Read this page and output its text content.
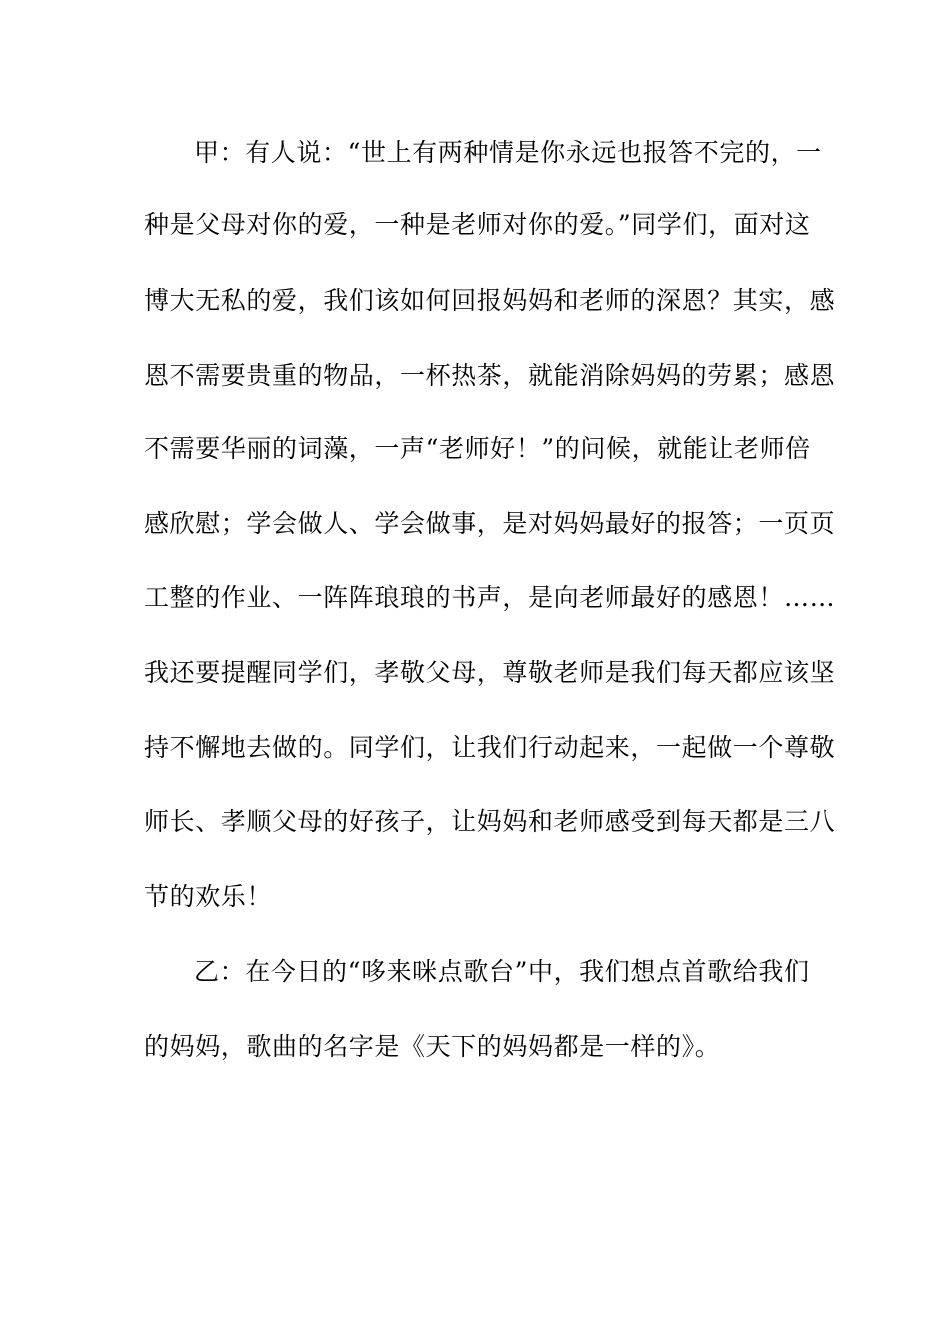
甲：有人说：“世上有两种情是你永远也报答不完的，一
种是父母对你的爱，一种是老师对你的爱。”同学们，面对这
博大无私的爱，我们该如何回报妈妈和老师的深恩？其实，感
恩不需要贵重的物品，一杯热茶，就能消除妈妈的劳累；感恩
不需要华丽的词藻，一声“老师好！”的问候，就能让老师倍
感欣慰；学会做人、学会做事，是对妈妈最好的报答；一页页
工整的作业、一阵阵琅琅的书声，是向老师最好的感恩！……
我还要提醒同学们，孝敬父母，尊敬老师是我们每天都应该坚
持不懈地去做的。同学们，让我们行动起来，一起做一个尊敬
师长、孝顺父母的好孩子，让妈妈和老师感受到每天都是三八
节的欢乐！
乙：在今日的“哆来咪点歌台”中，我们想点首歌给我们
的妈妈，歌曲的名字是《天下的妈妈都是一样的》。
